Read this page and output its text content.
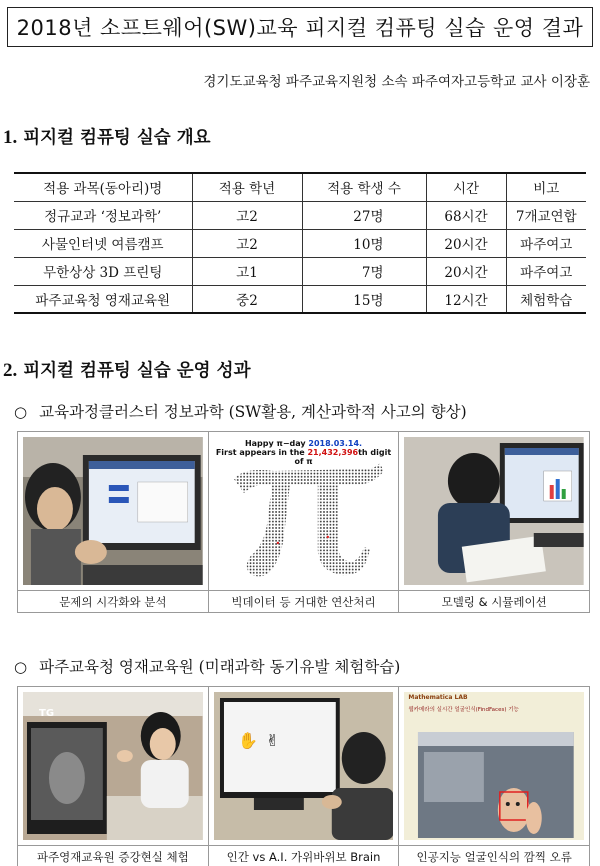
2018년 소프트웨어(SW)교육 피지컬 컴퓨팅 실습 운영 결과
경기도교육청 파주교육지원청 소속 파주여자고등학교 교사 이장훈
1. 피지컬 컴퓨팅 실습 개요
적용 과목(동아리)명	적용 학년	적용 학생 수	시간	비고
정규교과 ‘정보과학’	고2	27명	68시간	7개교연합
사물인터넷 여름캠프	고2	10명	20시간	파주여고
무한상상 3D 프린팅	고1	7명	20시간	파주여고
파주교육청 영재교육원	중2	15명	12시간	체험학습
2. 피지컬 컴퓨팅 실습 운영 성과
○ 교육과정클러스터 정보과학 (SW활용, 계산과학적 사고의 향상)
Happy π−day 2018.03.14.
First appears in the 21,432,396th digit of π
문제의 시각화와 분석	빅데이터 등 거대한 연산처리	모델링 & 시뮬레이션
○ 파주교육청 영재교육원 (미래과학 동기유발 체험학습)
TG
✋ ✌
Mathematica LAB
웹카메라의 실시간 얼굴인식(FindFaces) 기능
파주영재교육원 증강현실 체험	인간 vs A.I. 가위바위보 Brain	인공지능 얼굴인식의 깜찍 오류
